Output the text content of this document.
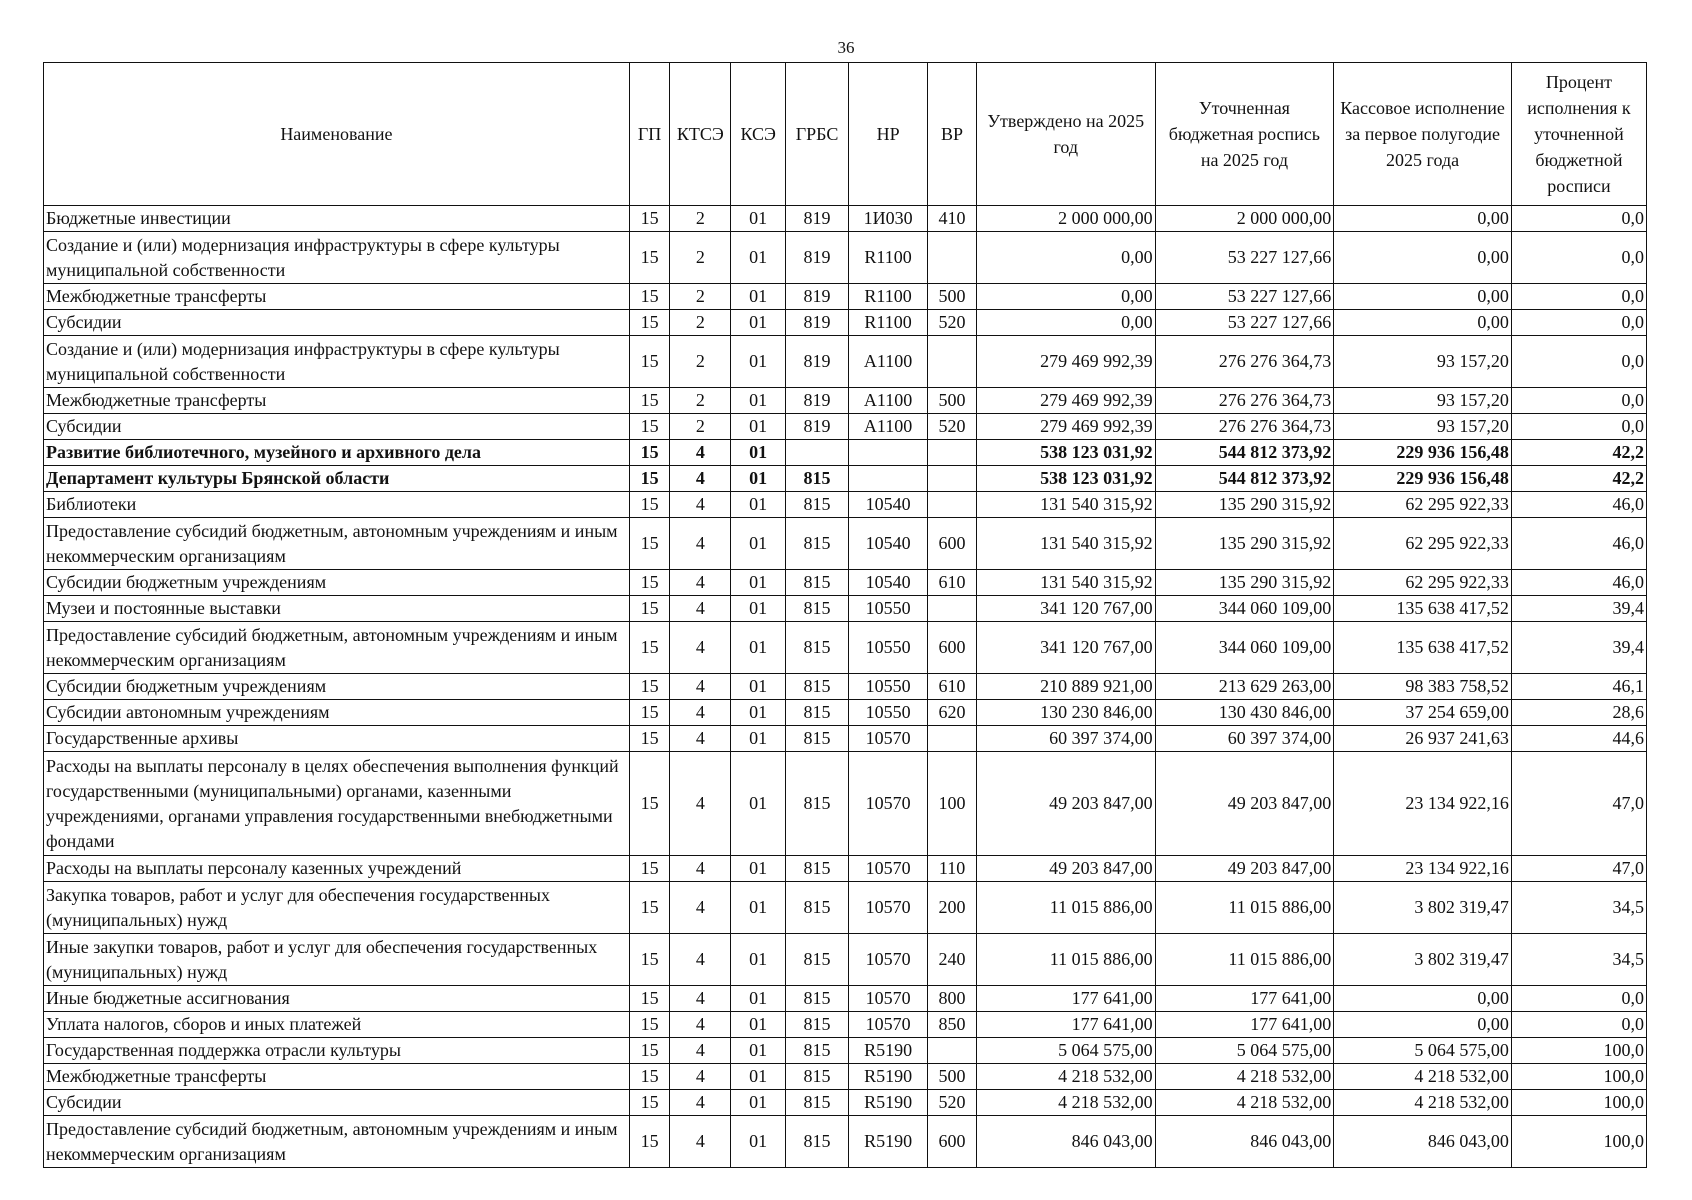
36
Наименование	ГП	КТСЭ	КСЭ	ГРБС	НР	ВР	Утверждено на 2025 год	Уточненная бюджетная роспись на 2025 год	Кассовое исполнение за первое полугодие 2025 года	Процент исполнения к уточненной бюджетной росписи
Бюджетные инвестиции	15	2	01	819	1И030	410	2 000 000,00	2 000 000,00	0,00	0,0
Создание и (или) модернизация инфраструктуры в сфере культуры муниципальной собственности	15	2	01	819	R1100		0,00	53 227 127,66	0,00	0,0
Межбюджетные трансферты	15	2	01	819	R1100	500	0,00	53 227 127,66	0,00	0,0
Субсидии	15	2	01	819	R1100	520	0,00	53 227 127,66	0,00	0,0
Создание и (или) модернизация инфраструктуры в сфере культуры муниципальной собственности	15	2	01	819	A1100		279 469 992,39	276 276 364,73	93 157,20	0,0
Межбюджетные трансферты	15	2	01	819	A1100	500	279 469 992,39	276 276 364,73	93 157,20	0,0
Субсидии	15	2	01	819	A1100	520	279 469 992,39	276 276 364,73	93 157,20	0,0
Развитие библиотечного, музейного и архивного дела	15	4	01				538 123 031,92	544 812 373,92	229 936 156,48	42,2
Департамент культуры Брянской области	15	4	01	815			538 123 031,92	544 812 373,92	229 936 156,48	42,2
Библиотеки	15	4	01	815	10540		131 540 315,92	135 290 315,92	62 295 922,33	46,0
Предоставление субсидий бюджетным, автономным учреждениям и иным некоммерческим организациям	15	4	01	815	10540	600	131 540 315,92	135 290 315,92	62 295 922,33	46,0
Субсидии бюджетным учреждениям	15	4	01	815	10540	610	131 540 315,92	135 290 315,92	62 295 922,33	46,0
Музеи и постоянные выставки	15	4	01	815	10550		341 120 767,00	344 060 109,00	135 638 417,52	39,4
Предоставление субсидий бюджетным, автономным учреждениям и иным некоммерческим организациям	15	4	01	815	10550	600	341 120 767,00	344 060 109,00	135 638 417,52	39,4
Субсидии бюджетным учреждениям	15	4	01	815	10550	610	210 889 921,00	213 629 263,00	98 383 758,52	46,1
Субсидии автономным учреждениям	15	4	01	815	10550	620	130 230 846,00	130 430 846,00	37 254 659,00	28,6
Государственные архивы	15	4	01	815	10570		60 397 374,00	60 397 374,00	26 937 241,63	44,6
Расходы на выплаты персоналу в целях обеспечения выполнения функций государственными (муниципальными) органами, казенными учреждениями, органами управления государственными внебюджетными фондами	15	4	01	815	10570	100	49 203 847,00	49 203 847,00	23 134 922,16	47,0
Расходы на выплаты персоналу казенных учреждений	15	4	01	815	10570	110	49 203 847,00	49 203 847,00	23 134 922,16	47,0
Закупка товаров, работ и услуг для обеспечения государственных (муниципальных) нужд	15	4	01	815	10570	200	11 015 886,00	11 015 886,00	3 802 319,47	34,5
Иные закупки товаров, работ и услуг для обеспечения государственных (муниципальных) нужд	15	4	01	815	10570	240	11 015 886,00	11 015 886,00	3 802 319,47	34,5
Иные бюджетные ассигнования	15	4	01	815	10570	800	177 641,00	177 641,00	0,00	0,0
Уплата налогов, сборов и иных платежей	15	4	01	815	10570	850	177 641,00	177 641,00	0,00	0,0
Государственная поддержка отрасли культуры	15	4	01	815	R5190		5 064 575,00	5 064 575,00	5 064 575,00	100,0
Межбюджетные трансферты	15	4	01	815	R5190	500	4 218 532,00	4 218 532,00	4 218 532,00	100,0
Субсидии	15	4	01	815	R5190	520	4 218 532,00	4 218 532,00	4 218 532,00	100,0
Предоставление субсидий бюджетным, автономным учреждениям и иным некоммерческим организациям	15	4	01	815	R5190	600	846 043,00	846 043,00	846 043,00	100,0
